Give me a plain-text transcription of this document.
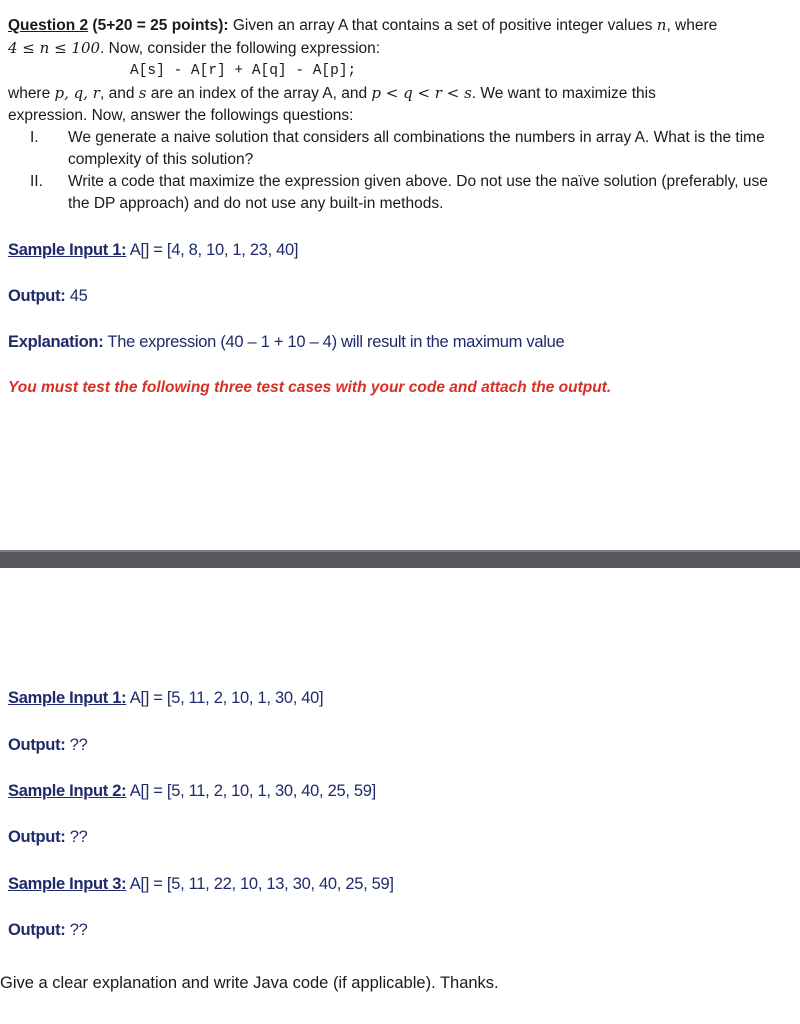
Question 2 (5+20 = 25 points): Given an array A that contains a set of positive integer values n, where

4 ≤ n ≤ 100. Now, consider the following expression:

A[s] - A[r] + A[q] - A[p];

where p, q, r, and s are an index of the array A, and p < q < r < s. We want to maximize this

expression. Now, answer the followings questions:

I. We generate a naive solution that considers all combinations the numbers in array A. What is the time complexity of this solution?
II. Write a code that maximize the expression given above. Do not use the naïve solution (preferably, use the DP approach) and do not use any built-in methods.
Sample Input 1: A[] = [4, 8, 10, 1, 23, 40]
Output: 45
Explanation: The expression (40 – 1 + 10 – 4) will result in the maximum value
You must test the following three test cases with your code and attach the output.
Sample Input 1: A[] = [5, 11, 2, 10, 1, 30, 40]
Output: ??
Sample Input 2: A[] = [5, 11, 2, 10, 1, 30, 40, 25, 59]
Output: ??
Sample Input 3: A[] = [5, 11, 22, 10, 13, 30, 40, 25, 59]
Output: ??
Give a clear explanation and write Java code (if applicable). Thanks.
